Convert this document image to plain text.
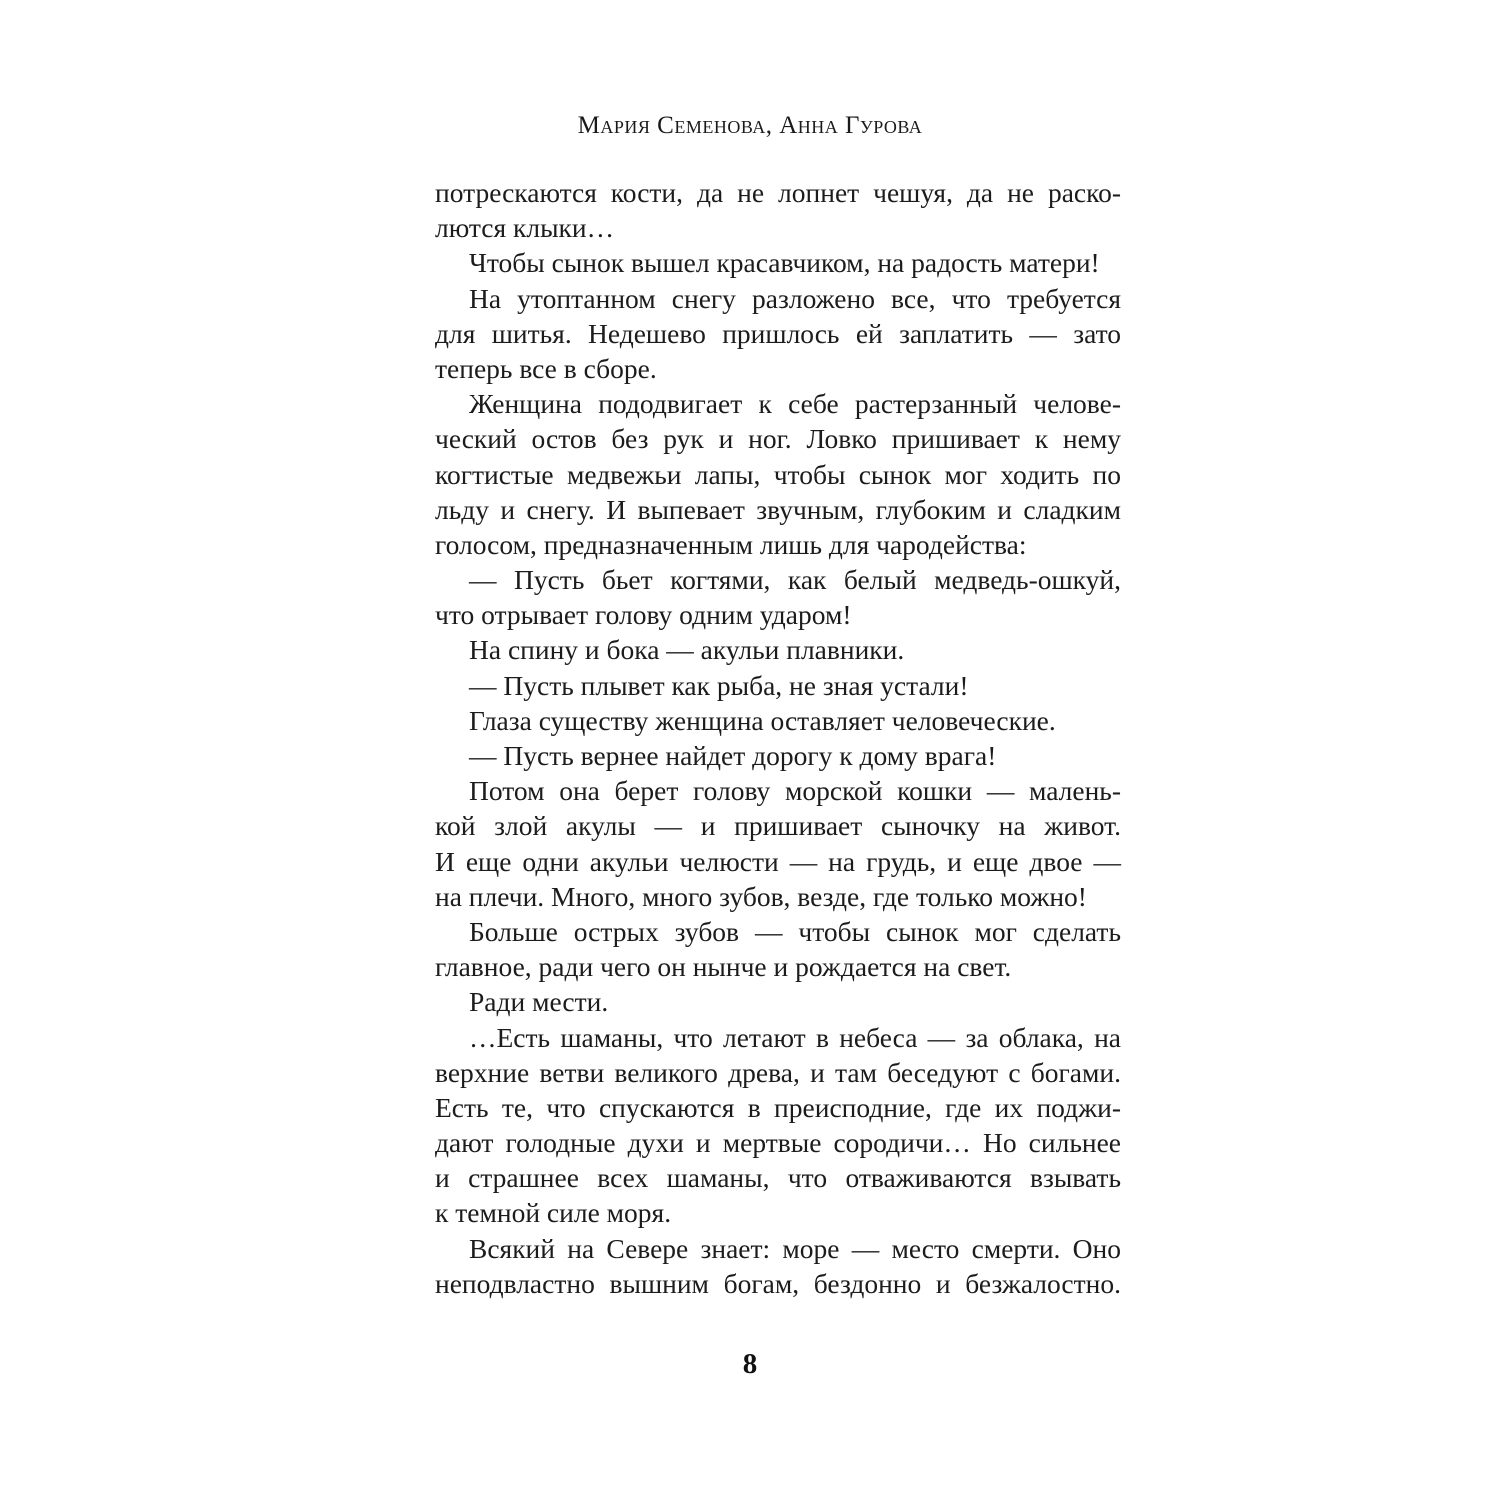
Мария Семенова, Анна Гурова
потрескаются кости, да не лопнет чешуя, да не раско-
лются клыки…
Чтобы сынок вышел красавчиком, на радость матери!
На утоптанном снегу разложено все, что требуется
для шитья. Недешево пришлось ей заплатить — зато
теперь все в сборе.
Женщина пододвигает к себе растерзанный челове-
ческий остов без рук и ног. Ловко пришивает к нему
когтистые медвежьи лапы, чтобы сынок мог ходить по
льду и снегу. И выпевает звучным, глубоким и сладким
голосом, предназначенным лишь для чародейства:
— Пусть бьет когтями, как белый медведь-ошкуй,
что отрывает голову одним ударом!
На спину и бока — акульи плавники.
— Пусть плывет как рыба, не зная устали!
Глаза существу женщина оставляет человеческие.
— Пусть вернее найдет дорогу к дому врага!
Потом она берет голову морской кошки — малень-
кой злой акулы — и пришивает сыночку на живот.
И еще одни акульи челюсти — на грудь, и еще двое —
на плечи. Много, много зубов, везде, где только можно!
Больше острых зубов — чтобы сынок мог сделать
главное, ради чего он нынче и рождается на свет.
Ради мести.
…Есть шаманы, что летают в небеса — за облака, на
верхние ветви великого древа, и там беседуют с богами.
Есть те, что спускаются в преисподние, где их поджи-
дают голодные духи и мертвые сородичи… Но сильнее
и страшнее всех шаманы, что отваживаются взывать
к темной силе моря.
Всякий на Севере знает: море — место смерти. Оно
неподвластно вышним богам, бездонно и безжалостно.
8
